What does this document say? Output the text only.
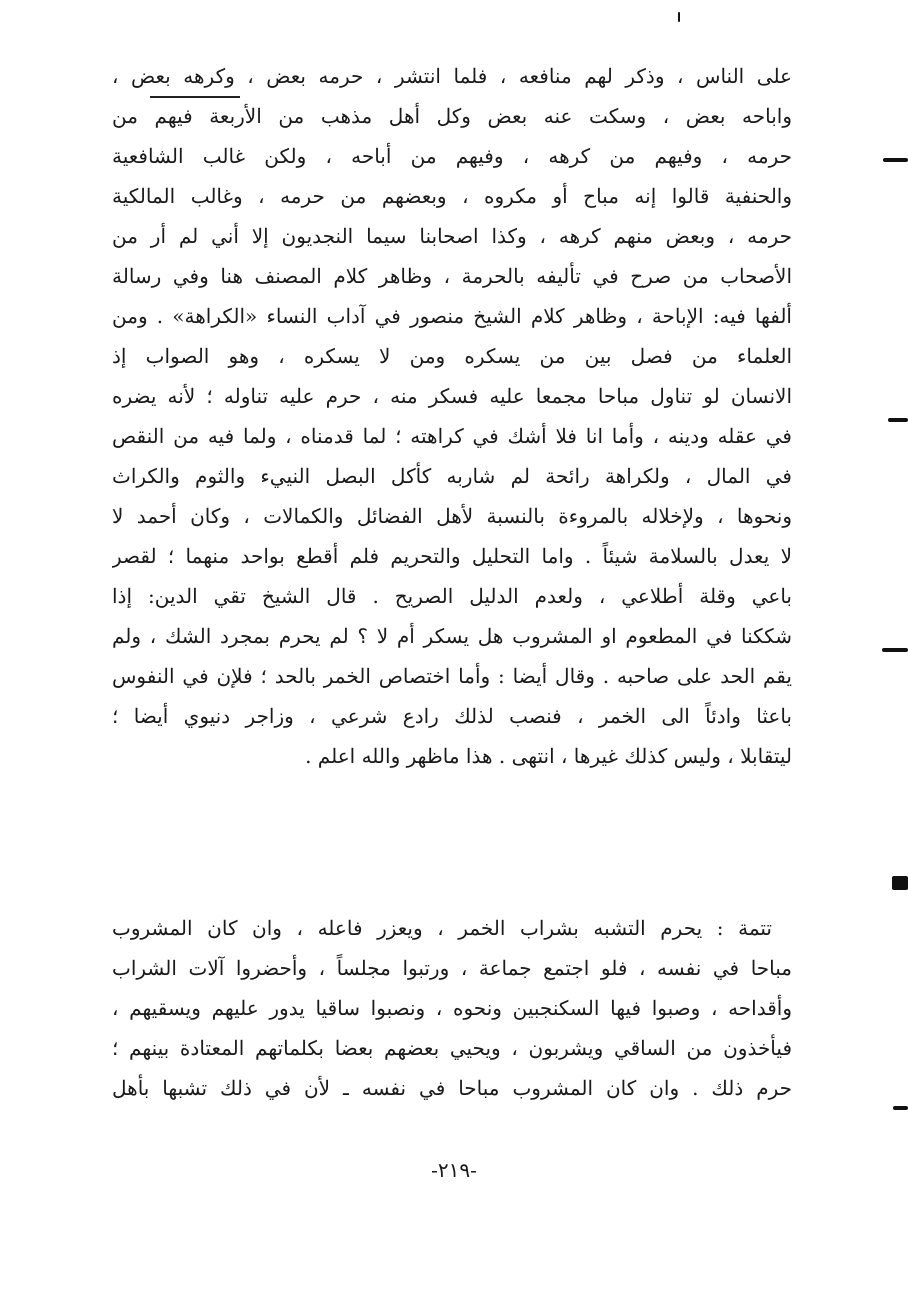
على الناس ، وذكر لهم منافعه ، فلما انتشر ، حرمه بعض ، وكرهه بعض ،
واباحه بعض ، وسكت عنه بعض وكل أهل مذهب من الأربعة فيهم من
حرمه ، وفيهم من كرهه ، وفيهم من أباحه ، ولكن غالب الشافعية
والحنفية قالوا إنه مباح أو مكروه ، وبعضهم من حرمه ، وغالب المالكية
حرمه ، وبعض منهم كرهه ، وكذا اصحابنا سيما النجديون إلا أني لم أر من
الأصحاب من صرح في تأليفه بالحرمة ، وظاهر كلام المصنف هنا وفي رسالة
ألفها فيه: الإباحة ، وظاهر كلام الشيخ منصور في آداب النساء «الكراهة» . ومن
العلماء من فصل بين من يسكره ومن لا يسكره ، وهو الصواب إذ
الانسان لو تناول مباحا مجمعا عليه فسكر منه ، حرم عليه تناوله ؛ لأنه يضره
في عقله ودينه ، وأما انا فلا أشك في كراهته ؛ لما قدمناه ، ولما فيه من النقص
في المال ، ولكراهة رائحة لم شاربه كأكل البصل النييء والثوم والكراث
ونحوها ، ولإخلاله بالمروءة بالنسبة لأهل الفضائل والكمالات ، وكان أحمد لا
لا يعدل بالسلامة شيئاً . واما التحليل والتحريم فلم أقطع بواحد منهما ؛ لقصر
باعي وقلة أطلاعي ، ولعدم الدليل الصريح . قال الشيخ تقي الدين: إذا
شككنا في المطعوم او المشروب هل يسكر أم لا ؟ لم يحرم بمجرد الشك ، ولم
يقم الحد على صاحبه . وقال أيضا : وأما اختصاص الخمر بالحد ؛ فلإن في النفوس
باعثا وادئاً الى الخمر ، فنصب لذلك رادع شرعي ، وزاجر دنيوي أيضا ؛
ليتقابلا ، وليس كذلك غيرها ، انتهى . هذا ماظهر والله اعلم .
تتمة : يحرم التشبه بشراب الخمر ، ويعزر فاعله ، وان كان المشروب
مباحا في نفسه ، فلو اجتمع جماعة ، ورتبوا مجلساً ، وأحضروا آلات الشراب
وأقداحه ، وصبوا فيها السكنجبين ونحوه ، ونصبوا ساقيا يدور عليهم ويسقيهم ،
فيأخذون من الساقي ويشربون ، ويحيي بعضهم بعضا بكلماتهم المعتادة بينهم ؛
حرم ذلك . وان كان المشروب مباحا في نفسه ـ لأن في ذلك تشبها بأهل
-٢١٩-
